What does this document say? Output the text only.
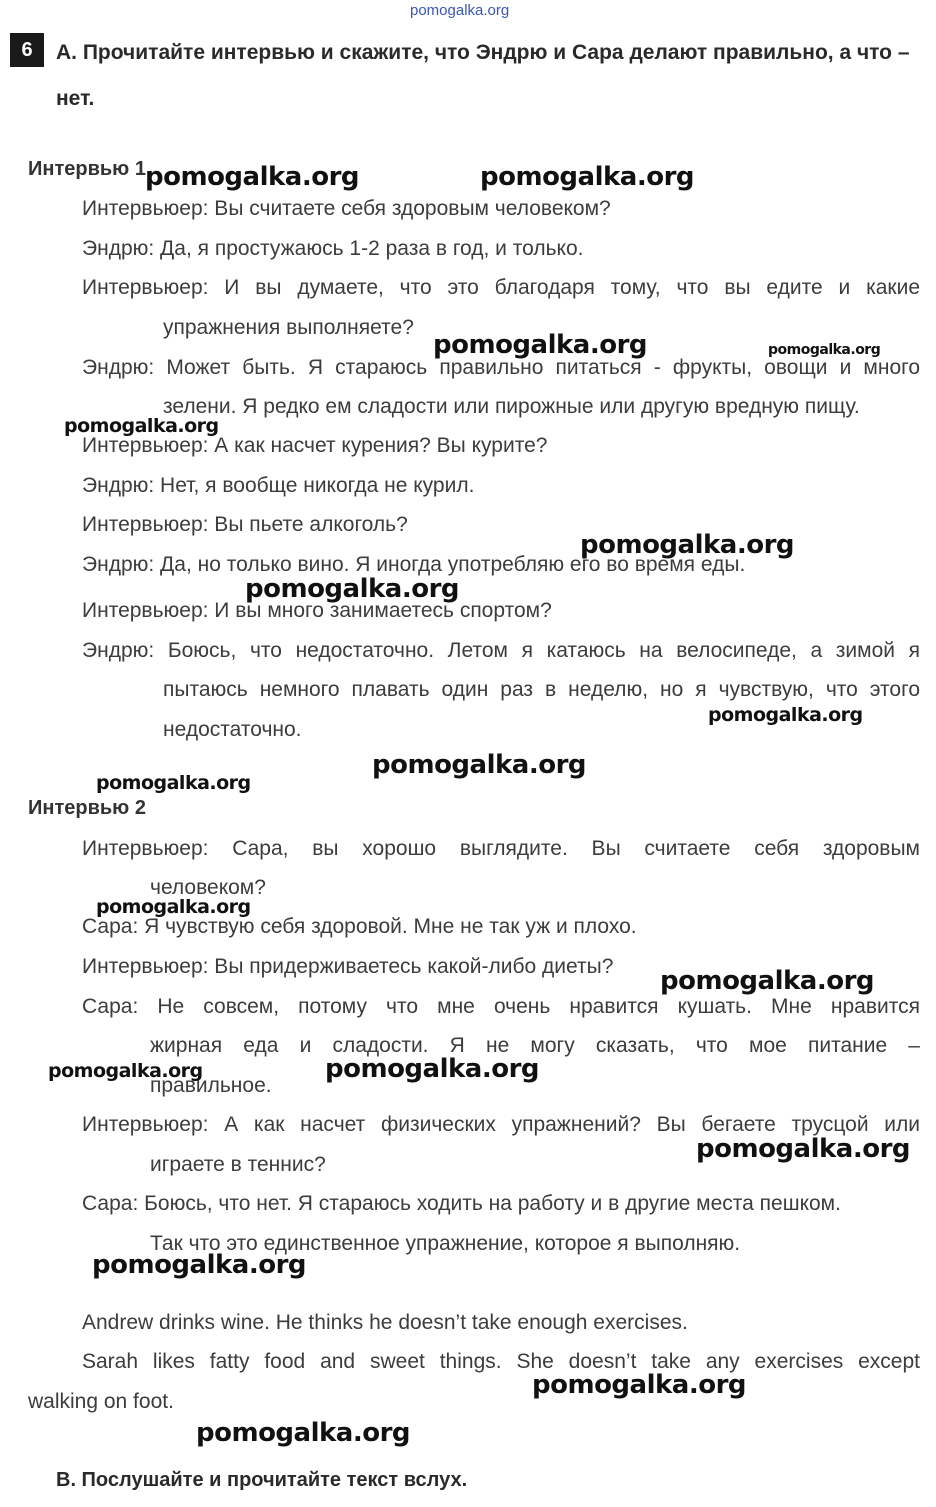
pomogalka.org
6	A. Прочитайте интервью и скажите, что Эндрю и Сара делают правильно, а что – нет.
Интервью 1
Интервьюер: Вы считаете себя здоровым человеком?
Эндрю: Да, я простужаюсь 1-2 раза в год, и только.
Интервьюер: И вы думаете, что это благодаря тому, что вы едите и какие
упражнения выполняете?
Эндрю: Может быть. Я стараюсь правильно питаться - фрукты, овощи и много
зелени. Я редко ем сладости или пирожные или другую вредную пищу.
Интервьюер: А как насчет курения? Вы курите?
Эндрю: Нет, я вообще никогда не курил.
Интервьюер: Вы пьете алкоголь?
Эндрю: Да, но только вино. Я иногда употребляю его во время еды.
Интервьюер: И вы много занимаетесь спортом?
Эндрю: Боюсь, что недостаточно. Летом я катаюсь на велосипеде, а зимой я
пытаюсь немного плавать один раз в неделю, но я чувствую, что этого
недостаточно.
Интервью 2
Интервьюер: Сара, вы хорошо выглядите. Вы считаете себя здоровым
человеком?
Сара: Я чувствую себя здоровой. Мне не так уж и плохо.
Интервьюер: Вы придерживаетесь какой-либо диеты?
Сара: Не совсем, потому что мне очень нравится кушать. Мне нравится
жирная еда и сладости. Я не могу сказать, что мое питание –
правильное.
Интервьюер: А как насчет физических упражнений? Вы бегаете трусцой или
играете в теннис?
Сара: Боюсь, что нет. Я стараюсь ходить на работу и в другие места пешком.
Так что это единственное упражнение, которое я выполняю.
Andrew drinks wine. He thinks he doesn’t take enough exercises.
Sarah likes fatty food and sweet things. She doesn’t take any exercises except
walking on foot.
B. Послушайте и прочитайте текст вслух.
pomogalka.org	pomogalka.org
pomogalka.org	pomogalka.org
pomogalka.org
pomogalka.org
pomogalka.org
pomogalka.org
pomogalka.org
pomogalka.org
pomogalka.org
pomogalka.org
pomogalka.org	pomogalka.org
pomogalka.org
pomogalka.org
pomogalka.org
pomogalka.org
